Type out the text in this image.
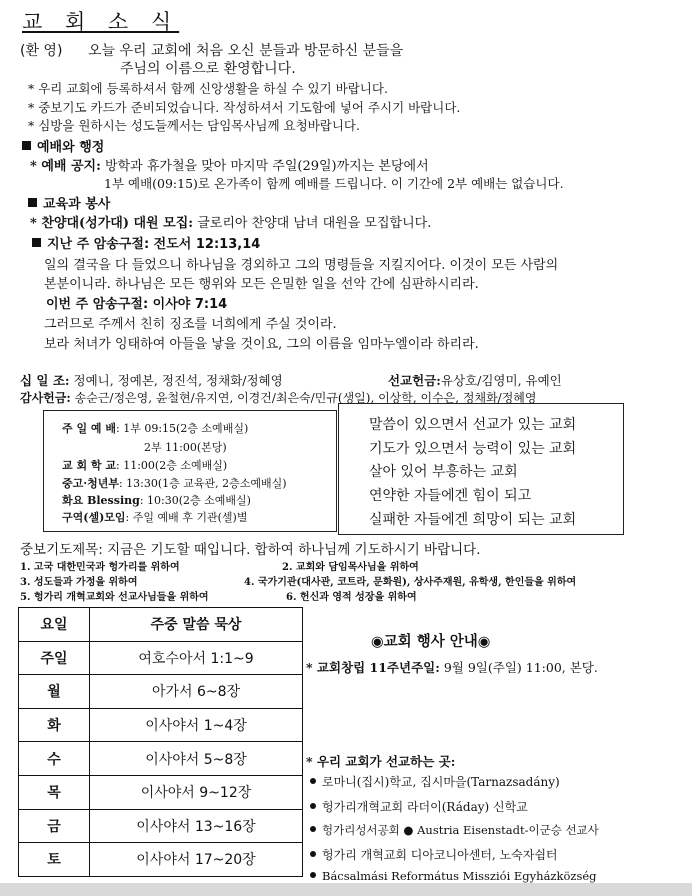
교 회 소 식
(환 영) 오늘 우리 교회에 처음 오신 분들과 방문하신 분들을
주님의 이름으로 환영합니다.
* 우리 교회에 등록하셔서 함께 신앙생활을 하실 수 있기 바랍니다.
* 중보기도 카드가 준비되었습니다. 작성하셔서 기도함에 넣어 주시기 바랍니다.
* 심방을 원하시는 성도들께서는 담임목사님께 요청바랍니다.
예배와 행정
* 예배 공지: 방학과 휴가철을 맞아 마지막 주일(29일)까지는 본당에서
1부 예배(09:15)로 온가족이 함께 예배를 드립니다. 이 기간에 2부 예배는 없습니다.
교육과 봉사
* 찬양대(성가대) 대원 모집: 글로리아 찬양대 남녀 대원을 모집합니다.
지난 주 암송구절: 전도서 12:13,14
일의 결국을 다 들었으니 하나님을 경외하고 그의 명령들을 지킬지어다. 이것이 모든 사람의
본분이니라. 하나님은 모든 행위와 모든 은밀한 일을 선악 간에 심판하시리라.
이번 주 암송구절: 이사야 7:14
그러므로 주께서 친히 징조를 너희에게 주실 것이라.
보라 처녀가 잉태하여 아들을 낳을 것이요, 그의 이름을 임마누엘이라 하리라.
십 일 조: 정예니, 정예본, 정진석, 정채화/정혜영	선교헌금:유상호/김영미, 유예인
감사헌금: 송순근/정은영, 윤철현/유지연, 이경건/최은숙/민규(생일), 이상학, 이수은, 정채화/정혜영
주 일 예 배: 1부 09:15(2층 소예배실)
2부 11:00(본당)
교 회 학 교: 11:00(2층 소예배실)
중고·청년부: 13:30(1층 교육관, 2층소예배실)
화요 Blessing: 10:30(2층 소예배실)
구역(셀)모임: 주일 예배 후 기관(셀)별
말씀이 있으면서 선교가 있는 교회
기도가 있으면서 능력이 있는 교회
살아 있어 부흥하는 교회
연약한 자들에겐 힘이 되고
실패한 자들에겐 희망이 되는 교회
중보기도제목: 지금은 기도할 때입니다. 합하여 하나님께 기도하시기 바랍니다.
1. 고국 대한민국과 헝가리를 위하여	2. 교회와 담임목사님을 위하여
3. 성도들과 가정을 위하여	4. 국가기관(대사관, 코트라, 문화원), 상사주재원, 유학생, 한인들을 위하여
5. 헝가리 개혁교회와 선교사님들을 위하여	6. 헌신과 영적 성장을 위하여
요일	주중 말씀 묵상
주일	여호수아서 1:1~9
월	아가서 6~8장
화	이사야서 1~4장
수	이사야서 5~8장
목	이사야서 9~12장
금	이사야서 13~16장
토	이사야서 17~20장
◉교회 행사 안내◉
* 교회창립 11주년주일: 9월 9일(주일) 11:00, 본당.
* 우리 교회가 선교하는 곳:
로마니(집시)학교, 집시마을(Tarnazsadány)
헝가리개혁교회 라더이(Ráday) 신학교
헝가리성서공회 ● Austria Eisenstadt-이군승 선교사
헝가리 개혁교회 디아코니아센터, 노숙자쉼터
Bácsalmási Református Missziói Egyházközség
